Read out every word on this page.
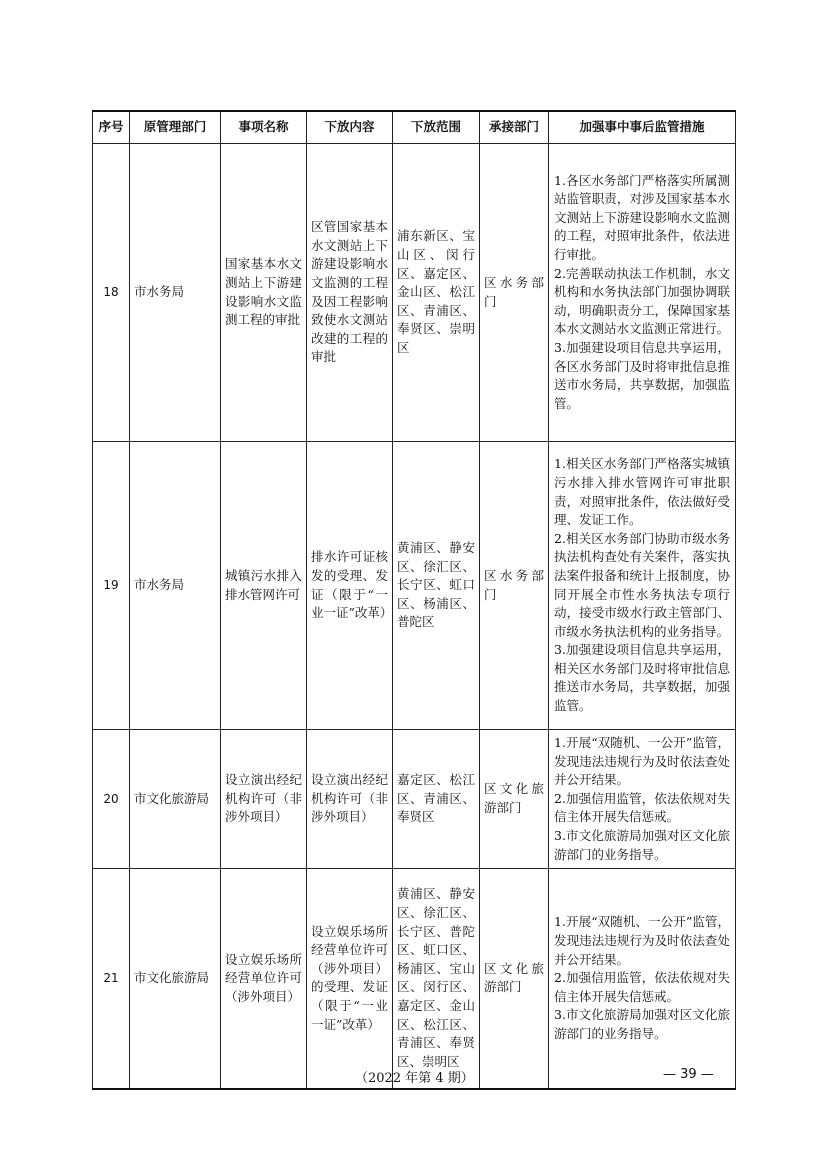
序号	原管理部门	事项名称	下放内容	下放范围	承接部门	加强事中事后监管措施
18	市水务局	国家基本水文测站上下游建设影响水文监测工程的审批	区管国家基本水文测站上下游建设影响水文监测的工程及因工程影响致使水文测站改建的工程的审批	浦东新区、宝山区、闵行区、嘉定区、金山区、松江区、青浦区、奉贤区、崇明区	区水务部门	1.各区水务部门严格落实所属测站监管职责，对涉及国家基本水文测站上下游建设影响水文监测的工程，对照审批条件，依法进行审批。
2.完善联动执法工作机制，水文机构和水务执法部门加强协调联动，明确职责分工，保障国家基本水文测站水文监测正常进行。
3.加强建设项目信息共享运用，各区水务部门及时将审批信息推送市水务局，共享数据，加强监管。

19	市水务局	城镇污水排入排水管网许可	排水许可证核发的受理、发证（限于“一业一证”改革）	黄浦区、静安区、徐汇区、长宁区、虹口区、杨浦区、普陀区	区水务部门	1.相关区水务部门严格落实城镇污水排入排水管网许可审批职责，对照审批条件，依法做好受理、发证工作。
2.相关区水务部门协助市级水务执法机构查处有关案件，落实执法案件报备和统计上报制度，协同开展全市性水务执法专项行动，接受市级水行政主管部门、市级水务执法机构的业务指导。
3.加强建设项目信息共享运用，相关区水务部门及时将审批信息推送市水务局，共享数据，加强监管。

20	市文化旅游局	设立演出经纪机构许可（非涉外项目）	设立演出经纪机构许可（非涉外项目）	嘉定区、松江区、青浦区、奉贤区	区文化旅游部门	1.开展“双随机、一公开”监管，发现违法违规行为及时依法查处并公开结果。
2.加强信用监管，依法依规对失信主体开展失信惩戒。
3.市文化旅游局加强对区文化旅游部门的业务指导。

21	市文化旅游局	设立娱乐场所经营单位许可（涉外项目）	设立娱乐场所经营单位许可（涉外项目）的受理、发证（限于“一业一证”改革）	黄浦区、静安区、徐汇区、长宁区、普陀区、虹口区、杨浦区、宝山区、闵行区、嘉定区、金山区、松江区、青浦区、奉贤区、崇明区	区文化旅游部门	1.开展“双随机、一公开”监管，发现违法违规行为及时依法查处并公开结果。
2.加强信用监管，依法依规对失信主体开展失信惩戒。
3.市文化旅游局加强对区文化旅游部门的业务指导。
（2022 年第 4 期）	— 39 —
